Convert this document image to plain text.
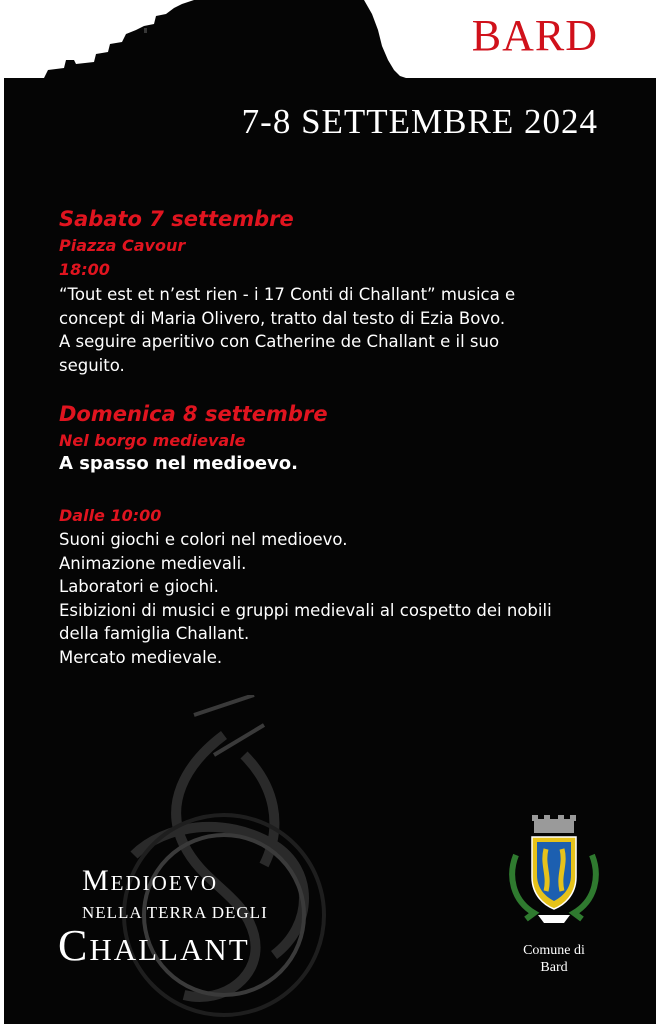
BARD
7-8 SETTEMBRE 2024
Sabato 7 settembre
Piazza Cavour
18:00
“Tout est et n’est rien - i 17 Conti di Challant” musica e
concept di Maria Olivero, tratto dal testo di Ezia Bovo.
A seguire aperitivo con Catherine de Challant e il suo
seguito.
Domenica 8 settembre
Nel borgo medievale
A spasso nel medioevo.
Dalle 10:00
Suoni giochi e colori nel medioevo.
Animazione medievali.
Laboratori e giochi.
Esibizioni di musici e gruppi medievali al cospetto dei nobili
della famiglia Challant.
Mercato medievale.
Medioevo
NELLA TERRA DEGLI
Challant	Comune di
Bard
